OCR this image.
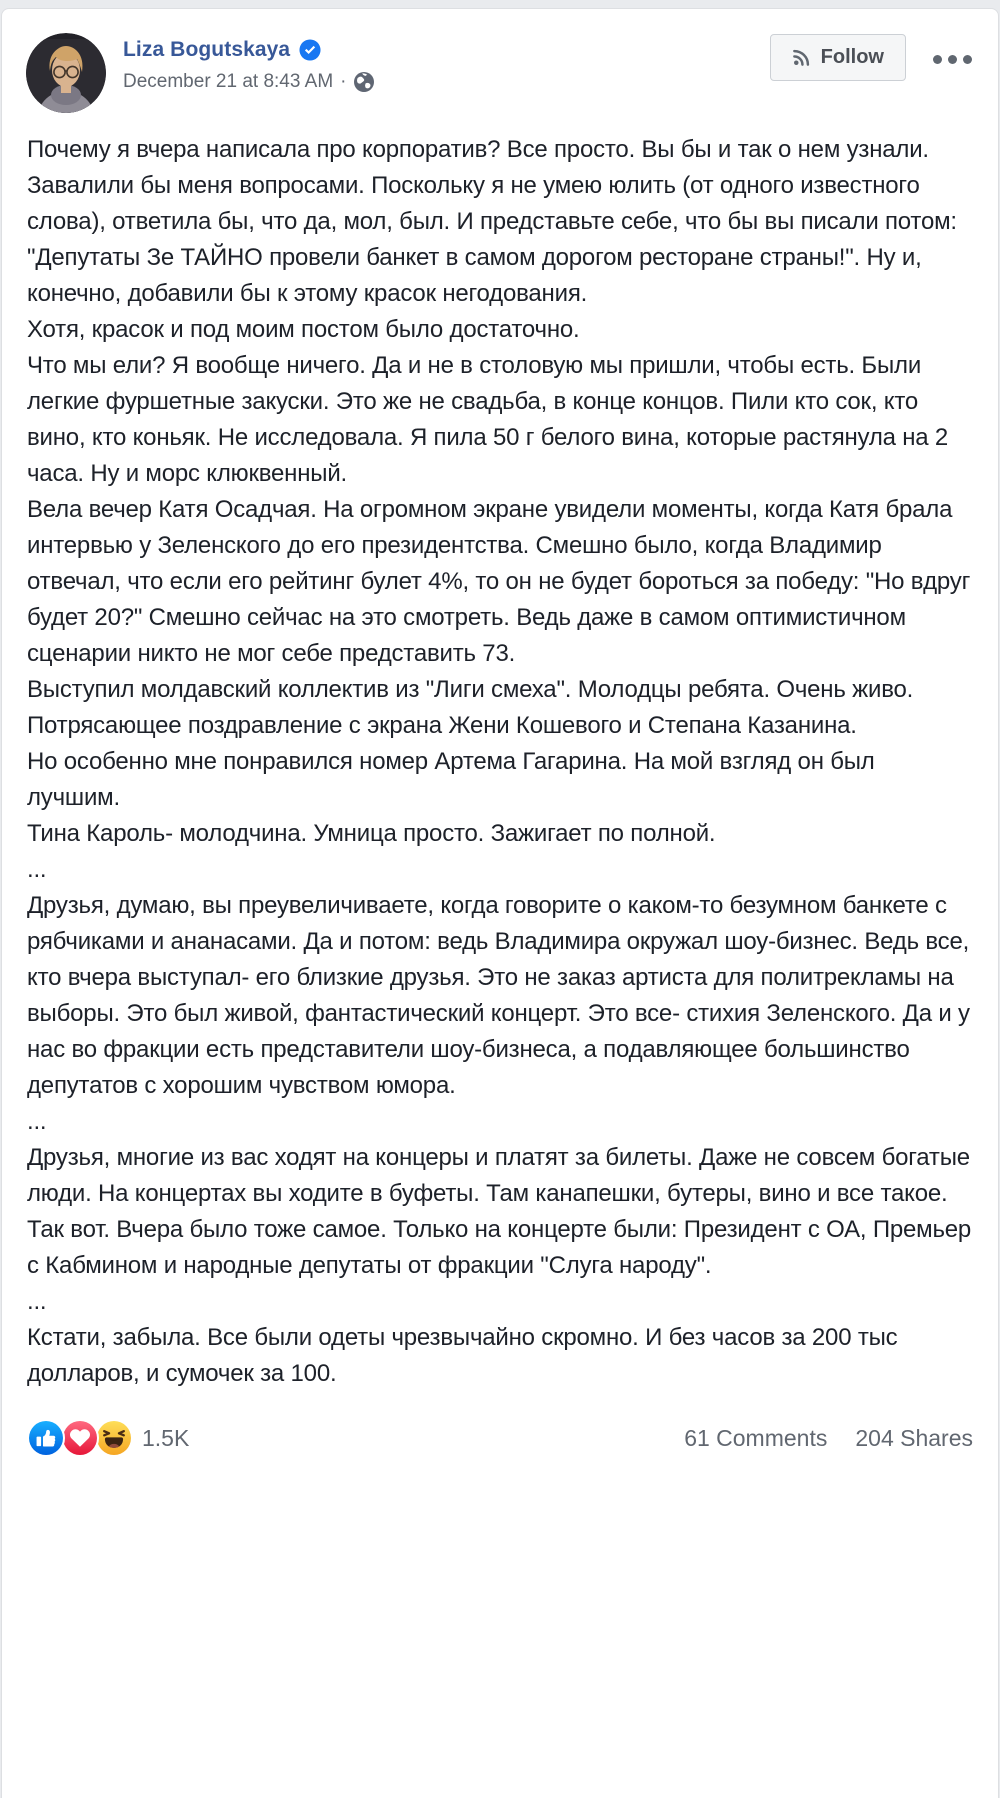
Liza Bogutskaya
December 21 at 8:43 AM ·
Follow

Почему я вчера написала про корпоратив? Все просто. Вы бы и так о нем узнали. Завалили бы меня вопросами. Поскольку я не умею юлить (от одного известного слова), ответила бы, что да, мол, был. И представьте себе, что бы вы писали потом: "Депутаты Зе ТАЙНО провели банкет в самом дорогом ресторане страны!". Ну и, конечно, добавили бы к этому красок негодования.

Хотя, красок и под моим постом было достаточно.

Что мы ели? Я вообще ничего. Да и не в столовую мы пришли, чтобы есть. Были легкие фуршетные закуски. Это же не свадьба, в конце концов. Пили кто сок, кто вино, кто коньяк. Не исследовала. Я пила 50 г белого вина, которые растянула на 2 часа. Ну и морс клюквенный.

Вела вечер Катя Осадчая. На огромном экране увидели моменты, когда Катя брала интервью у Зеленского до его президентства. Смешно было, когда Владимир отвечал, что если его рейтинг булет 4%, то он не будет бороться за победу: "Но вдруг будет 20?" Смешно сейчас на это смотреть. Ведь даже в самом оптимистичном сценарии никто не мог себе представить 73.

Выступил молдавский коллектив из "Лиги смеха". Молодцы ребята. Очень живо.

Потрясающее поздравление с экрана Жени Кошевого и Степана Казанина.

Но особенно мне понравился номер Артема Гагарина. На мой взгляд он был лучшим.

Тина Кароль- молодчина. Умница просто. Зажигает по полной.

...

Друзья, думаю, вы преувеличиваете, когда говорите о каком-то безумном банкете с рябчиками и ананасами. Да и потом: ведь Владимира окружал шоу-бизнес. Ведь все, кто вчера выступал- его близкие друзья. Это не заказ артиста для политрекламы на выборы. Это был живой, фантастический концерт. Это все- стихия Зеленского. Да и у нас во фракции есть представители шоу-бизнеса, а подавляющее большинство депутатов с хорошим чувством юмора.

...

Друзья, многие из вас ходят на концеры и платят за билеты. Даже не совсем богатые люди. На концертах вы ходите в буфеты. Там канапешки, бутеры, вино и все такое.

Так вот. Вчера было тоже самое. Только на концерте были: Президент с ОА, Премьер с Кабмином и народные депутаты от фракции "Слуга народу".

...

Кстати, забыла. Все были одеты чрезвычайно скромно. И без часов за 200 тыс долларов, и сумочек за 100.

1.5K	61 Comments 204 Shares
